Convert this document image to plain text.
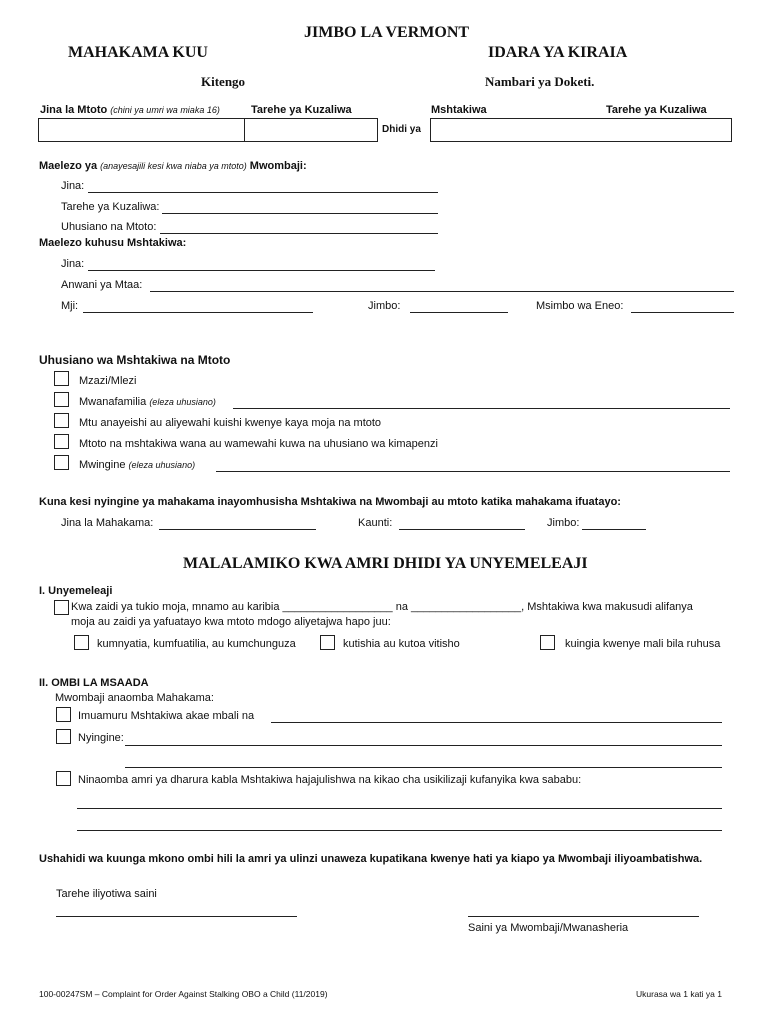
JIMBO LA VERMONT
MAHAKAMA KUU	IDARA YA KIRAIA
Kitengo	Nambari ya Doketi.
Jina la Mtoto (chini ya umri wa miaka 16)	Tarehe ya Kuzaliwa	Mshtakiwa	Tarehe ya Kuzaliwa
Dhidi ya
Maelezo ya (anayesajili kesi kwa niaba ya mtoto) Mwombaji:
Jina:
Tarehe ya Kuzaliwa:
Uhusiano na Mtoto:
Maelezo kuhusu Mshtakiwa:
Jina:
Anwani ya Mtaa:
Mji:	Jimbo:	Msimbo wa Eneo:
Uhusiano wa Mshtakiwa na Mtoto
Mzazi/Mlezi
Mwanafamilia (eleza uhusiano)
Mtu anayeishi au aliyewahi kuishi kwenye kaya moja na mtoto
Mtoto na mshtakiwa wana au wamewahi kuwa na uhusiano wa kimapenzi
Mwingine (eleza uhusiano)
Kuna kesi nyingine ya mahakama inayomhusisha Mshtakiwa na Mwombaji au mtoto katika mahakama ifuatayo:
Jina la Mahakama:	Kaunti:	Jimbo:
MALALAMIKO KWA AMRI DHIDI YA UNYEMELEAJI
I. Unyemeleaji
Kwa zaidi ya tukio moja, mnamo au karibia __________________ na __________________, Mshtakiwa kwa makusudi alifanya
moja au zaidi ya yafuatayo kwa mtoto mdogo aliyetajwa hapo juu:
kumnyatia, kumfuatilia, au kumchunguza	kutishia au kutoa vitisho	kuingia kwenye mali bila ruhusa
II. OMBI LA MSAADA
Mwombaji anaomba Mahakama:
Imuamuru Mshtakiwa akae mbali na
Nyingine:
Ninaomba amri ya dharura kabla Mshtakiwa hajajulishwa na kikao cha usikilizaji kufanyika kwa sababu:
Ushahidi wa kuunga mkono ombi hili la amri ya ulinzi unaweza kupatikana kwenye hati ya kiapo ya Mwombaji iliyoambatishwa.
Tarehe iliyotiwa saini
Saini ya Mwombaji/Mwanasheria
100-00247SM – Complaint for Order Against Stalking OBO a Child (11/2019)	Ukurasa wa 1 kati ya 1
